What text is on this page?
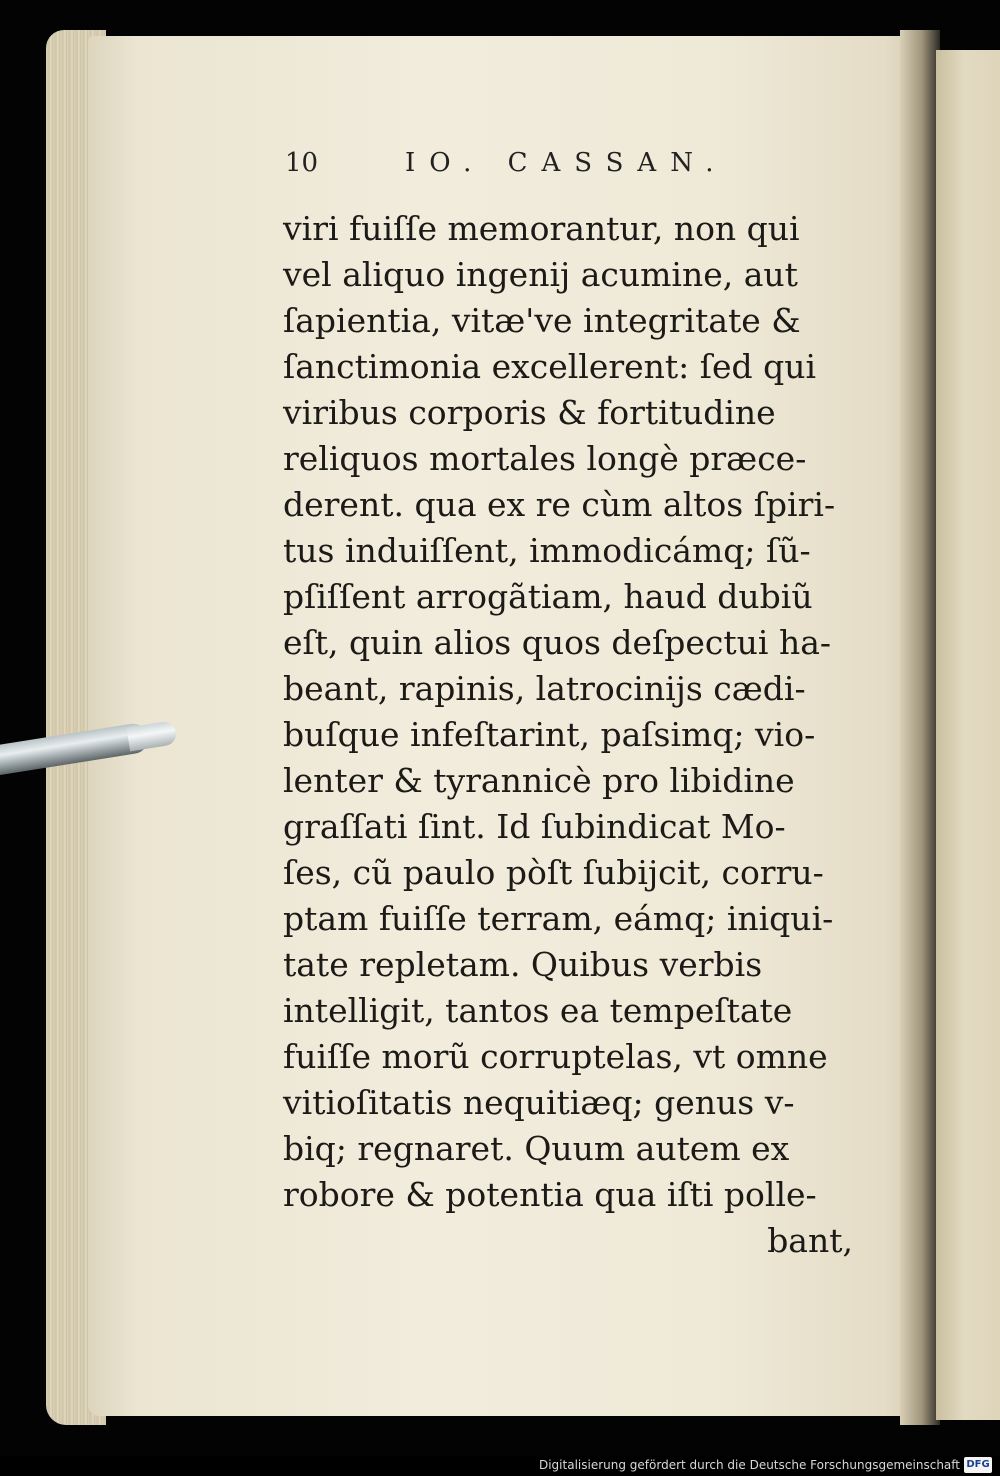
10	IO. CASSAN.
viri fuiſſe memorantur, non qui
vel aliquo ingenij acumine, aut
ſapientia, vitæ've integritate &
ſanctimonia excellerent: ſed qui
viribus corporis & fortitudine
reliquos mortales longè præce-
derent. qua ex re cùm altos ſpiri-
tus induiſſent, immodicámq; ſũ-
pſiſſent arrogãtiam, haud dubiũ
eſt, quin alios quos deſpectui ha-
beant, rapinis, latrocinijs cædi-
buſque infeſtarint, paſsimq; vio-
lenter & tyrannicè pro libidine
graſſati ſint. Id ſubindicat Mo-
ſes, cũ paulo pòſt ſubijcit, corru-
ptam fuiſſe terram, eámq; iniqui-
tate repletam. Quibus verbis
intelligit, tantos ea tempeſtate
fuiſſe morũ corruptelas, vt omne
vitioſitatis nequitiæq; genus v-
biq; regnaret. Quum autem ex
robore & potentia qua iſti polle-
bant,
Digitalisierung gefördert durch die Deutsche Forschungsgemeinschaft DFG
